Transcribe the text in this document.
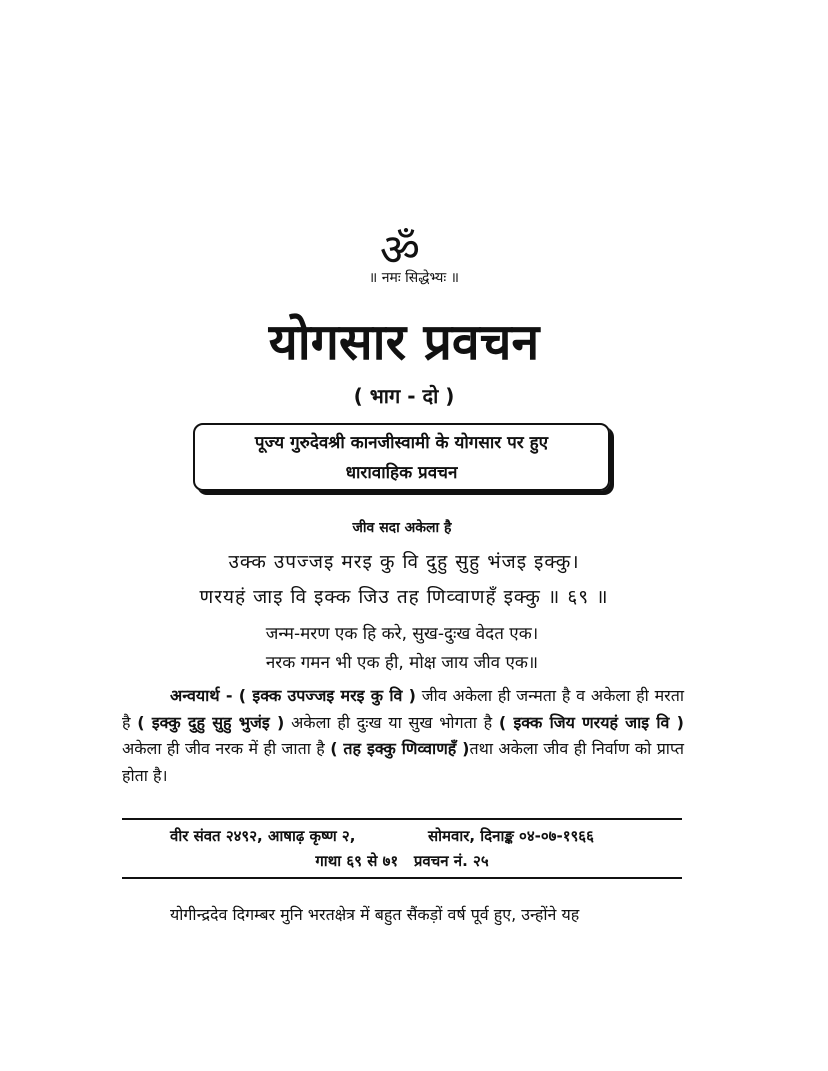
ॐ
॥ नमः सिद्धेभ्यः ॥
योगसार प्रवचन
( भाग - दो )
पूज्य गुरुदेवश्री कानजीस्वामी के योगसार पर हुए
धारावाहिक प्रवचन
जीव सदा अकेला है
उक्क उपज्जइ मरइ कु वि दुहु सुहु भंजइ इक्कु।
णरयहं जाइ वि इक्क जिउ तह णिव्वाणहँ इक्कु ॥ ६९ ॥
जन्म-मरण एक हि करे, सुख-दुःख वेदत एक।
नरक गमन भी एक ही, मोक्ष जाय जीव एक॥
अन्वयार्थ - ( इक्क उपज्जइ मरइ कु वि ) जीव अकेला ही जन्मता है व अकेला ही मरता है ( इक्कु दुहु सुहु भुजंइ ) अकेला ही दुःख या सुख भोगता है ( इक्क जिय णरयहं जाइ वि ) अकेला ही जीव नरक में ही जाता है ( तह इक्कु णिव्वाणहँ )तथा अकेला जीव ही निर्वाण को प्राप्त होता है।
वीर संवत २४९२, आषाढ़ कृष्ण २,	सोमवार, दिनाङ्क ०४-०७-१९६६
गाथा ६९ से ७१   प्रवचन नं. २५
योगीन्द्रदेव दिगम्बर मुनि भरतक्षेत्र में बहुत सैंकड़ों वर्ष पूर्व हुए, उन्होंने यह
